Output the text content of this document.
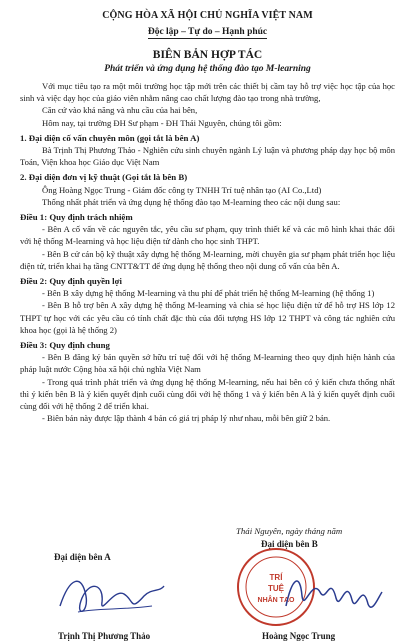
CỘNG HÒA XÃ HỘI CHỦ NGHĨA VIỆT NAM
Độc lập – Tự do – Hạnh phúc
BIÊN BẢN HỢP TÁC
Phát triển và ứng dụng hệ thống đào tạo M-learning

Với mục tiêu tạo ra một môi trường học tập mới trên các thiết bị cầm tay hỗ trợ việc học tập của học sinh và việc dạy học của giáo viên nhằm nâng cao chất lượng đào tạo trong nhà trường,

Căn cứ vào khả năng và nhu cầu của hai bên,

Hôm nay, tại trường ĐH Sư phạm - ĐH Thái Nguyên, chúng tôi gồm:

1. Đại diện cố vấn chuyên môn (gọi tắt là bên A)

Bà Trịnh Thị Phương Thảo - Nghiên cứu sinh chuyên ngành Lý luận và phương pháp dạy học bộ môn Toán, Viện khoa học Giáo dục Việt Nam

2. Đại diện đơn vị kỹ thuật (Gọi tắt là bên B)

Ông Hoàng Ngọc Trung - Giám đốc công ty TNHH Trí tuệ nhân tạo (AI Co.,Ltd)

Thống nhất phát triển và ứng dụng hệ thống đào tạo M-learning theo các nội dung sau:

Điều 1: Quy định trách nhiệm

- Bên A cố vấn về các nguyên tắc, yêu cầu sư phạm, quy trình thiết kế và các mô hình khai thác đối với hệ thống M-learning và học liệu điện tử dành cho học sinh THPT.

- Bên B cử cán bộ kỹ thuật xây dựng hệ thống M-learning, mời chuyên gia sư phạm phát triển học liệu điện tử, triển khai hạ tầng CNTT&TT để ứng dụng hệ thống theo nội dung cố vấn của bên A.

Điều 2: Quy định quyền lợi

- Bên B xây dựng hệ thống M-learning và thu phí để phát triển hệ thống M-learning (hệ thống 1)

- Bên B hỗ trợ bên A xây dựng hệ thống M-learning và chia sẻ học liệu điện tử để hỗ trợ HS lớp 12 THPT tự học với các yêu cầu có tính chất đặc thù của đối tượng HS lớp 12 THPT và công tác nghiên cứu khoa học (gọi là hệ thống 2)

Điều 3: Quy định chung

- Bên B đăng ký bản quyền sở hữu trí tuệ đối với hệ thống M-learning theo quy định hiện hành của pháp luật nước Cộng hòa xã hội chủ nghĩa Việt Nam

- Trong quá trình phát triển và ứng dụng hệ thống M-learning, nếu hai bên có ý kiến chưa thống nhất thì ý kiến bên B là ý kiến quyết định cuối cùng đối với hệ thống 1 và ý kiến bên A là ý kiến quyết định cuối cùng đối với hệ thống 2 để triển khai.

- Biên bản này được lập thành 4 bản có giá trị pháp lý như nhau, mỗi bên giữ 2 bản.

Thái Nguyên, ngày tháng năm
Đại diện bên A
Đại diện bên B
TRÍ
TUỆ
NHÂN TẠO
Trịnh Thị Phương Thảo	Hoàng Ngọc Trung
